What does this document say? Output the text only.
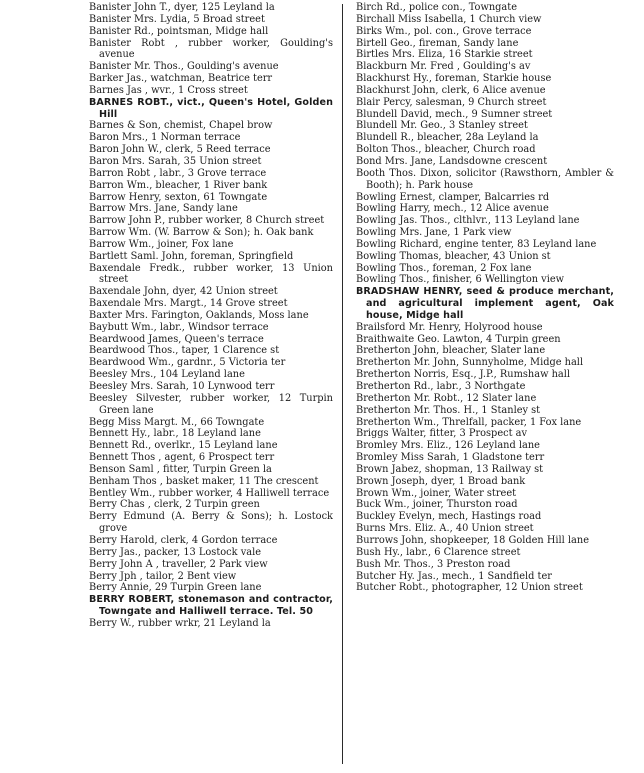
Banister John T., dyer, 125 Leyland la
Banister Mrs. Lydia, 5 Broad street
Banister Rd., pointsman, Midge hall
Banister Robt , rubber worker, Goulding's avenue
Banister Mr. Thos., Goulding's avenue
Barker Jas., watchman, Beatrice terr
Barnes Jas , wvr., 1 Cross street
BARNES ROBT., vict., Queen's Hotel, Golden Hill
Barnes & Son, chemist, Chapel brow
Baron Mrs., 1 Norman terrace
Baron John W., clerk, 5 Reed terrace
Baron Mrs. Sarah, 35 Union street
Barron Robt , labr., 3 Grove terrace
Barron Wm., bleacher, 1 River bank
Barrow Henry, sexton, 61 Towngate
Barrow Mrs. Jane, Sandy lane
Barrow John P., rubber worker, 8 Church street
Barrow Wm. (W. Barrow & Son); h. Oak bank
Barrow Wm., joiner, Fox lane
Bartlett Saml. John, foreman, Springfield
Baxendale Fredk., rubber worker, 13 Union street
Baxendale John, dyer, 42 Union street
Baxendale Mrs. Margt., 14 Grove street
Baxter Mrs. Farington, Oaklands, Moss lane
Baybutt Wm., labr., Windsor terrace
Beardwood James, Queen's terrace
Beardwood Thos., taper, 1 Clarence st
Beardwood Wm., gardnr., 5 Victoria ter
Beesley Mrs., 104 Leyland lane
Beesley Mrs. Sarah, 10 Lynwood terr
Beesley Silvester, rubber worker, 12 Turpin Green lane
Begg Miss Margt. M., 66 Towngate
Bennett Hy., labr., 18 Leyland lane
Bennett Rd., overlkr., 15 Leyland lane
Bennett Thos , agent, 6 Prospect terr
Benson Saml , fitter, Turpin Green la
Benham Thos , basket maker, 11 The crescent
Bentley Wm., rubber worker, 4 Halliwell terrace
Berry Chas , clerk, 2 Turpin green
Berry Edmund (A. Berry & Sons); h. Lostock grove
Berry Harold, clerk, 4 Gordon terrace
Berry Jas., packer, 13 Lostock vale
Berry John A , traveller, 2 Park view
Berry Jph , tailor, 2 Bent view
Berry Annie, 29 Turpin Green lane
BERRY ROBERT, stonemason and contractor, Towngate and Halliwell terrace. Tel. 50
Berry W., rubber wrkr, 21 Leyland la
Birch Rd., police con., Towngate
Birchall Miss Isabella, 1 Church view
Birks Wm., pol. con., Grove terrace
Birtell Geo., fireman, Sandy lane
Birtles Mrs. Eliza, 16 Starkie street
Blackburn Mr. Fred , Goulding's av
Blackhurst Hy., foreman, Starkie house
Blackhurst John, clerk, 6 Alice avenue
Blair Percy, salesman, 9 Church street
Blundell David, mech., 9 Sumner street
Blundell Mr. Geo., 3 Stanley street
Blundell R., bleacher, 28a Leyland la
Bolton Thos., bleacher, Church road
Bond Mrs. Jane, Landsdowne crescent
Booth Thos. Dixon, solicitor (Rawsthorn, Ambler & Booth); h. Park house
Bowling Ernest, clamper, Balcarries rd
Bowling Harry, mech., 12 Alice avenue
Bowling Jas. Thos., clthlvr., 113 Leyland lane
Bowling Mrs. Jane, 1 Park view
Bowling Richard, engine tenter, 83 Leyland lane
Bowling Thomas, bleacher, 43 Union st
Bowling Thos., foreman, 2 Fox lane
Bowling Thos., finisher, 6 Wellington view
BRADSHAW HENRY, seed & produce merchant, and agricultural implement agent, Oak house, Midge hall
Brailsford Mr. Henry, Holyrood house
Braithwaite Geo. Lawton, 4 Turpin green
Bretherton John, bleacher, Slater lane
Bretherton Mr. John, Sunnyholme, Midge hall
Bretherton Norris, Esq., J.P., Rumshaw hall
Bretherton Rd., labr., 3 Northgate
Bretherton Mr. Robt., 12 Slater lane
Bretherton Mr. Thos. H., 1 Stanley st
Bretherton Wm., Threlfall, packer, 1 Fox lane
Briggs Walter, fitter, 3 Prospect av
Bromley Mrs. Eliz., 126 Leyland lane
Bromley Miss Sarah, 1 Gladstone terr
Brown Jabez, shopman, 13 Railway st
Brown Joseph, dyer, 1 Broad bank
Brown Wm., joiner, Water street
Buck Wm., joiner, Thurston road
Buckley Evelyn, mech, Hastings road
Burns Mrs. Eliz. A., 40 Union street
Burrows John, shopkeeper, 18 Golden Hill lane
Bush Hy., labr., 6 Clarence street
Bush Mr. Thos., 3 Preston road
Butcher Hy. Jas., mech., 1 Sandfield ter
Butcher Robt., photographer, 12 Union street
